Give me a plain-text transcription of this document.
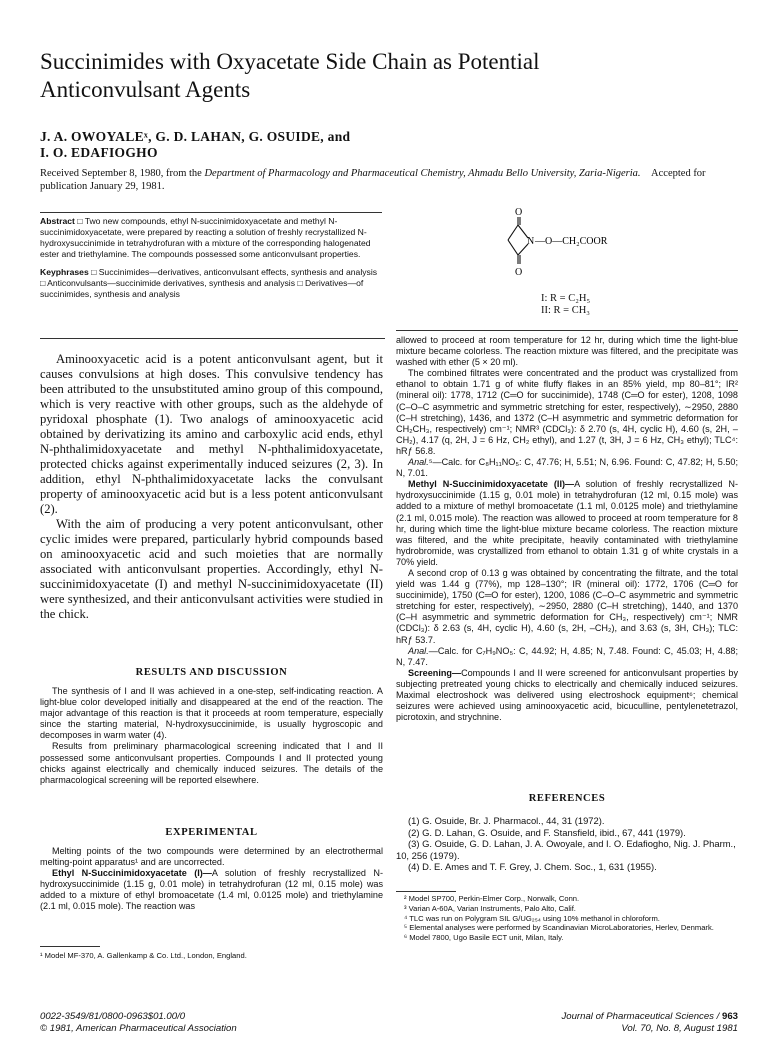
Succinimides with Oxyacetate Side Chain as Potential
Anticonvulsant Agents
J. A. OWOYALEˣ, G. D. LAHAN, G. OSUIDE, and
I. O. EDAFIOGHO
Received September 8, 1980, from the Department of Pharmacology and Pharmaceutical Chemistry, Ahmadu Bello University, Zaria-Nigeria. Accepted for publication January 29, 1981.

Abstract □ Two new compounds, ethyl N-succinimidoxyacetate and methyl N-succinimidoxyacetate, were prepared by reacting a solution of freshly recrystallized N-hydroxysuccinimide in tetrahydrofuran with a mixture of the corresponding halogenated ester and triethylamine. The compounds possessed some anticonvulsant properties.

Keyphrases □ Succinimides—derivatives, anticonvulsant effects, synthesis and analysis □ Anticonvulsants—succinimide derivatives, synthesis and analysis □ Derivatives—of succinimides, synthesis and analysis

O
O
N —O—CH₂COOR
I: R = C₂H₅
II: R = CH₃

Aminooxyacetic acid is a potent anticonvulsant agent, but it causes convulsions at high doses. This convulsive tendency has been attributed to the unsubstituted amino group of this compound, which is very reactive with other groups, such as the aldehyde of pyridoxal phosphate (1). Two analogs of aminooxyacetic acid obtained by derivatizing its amino and carboxylic acid ends, ethyl N-phthalimidoxyacetate and methyl N-phthalimidoxyacetate, protected chicks against experimentally induced seizures (2, 3). In addition, ethyl N-phthalimidoxyacetate lacks the convulsant property of aminooxyacetic acid but is a less potent anticonvulsant (2).

With the aim of producing a very potent anticonvulsant, other cyclic imides were prepared, particularly hybrid compounds based on aminooxyacetic acid and such moieties that are normally associated with anticonvulsant properties. Accordingly, ethyl N-succinimidoxyacetate (I) and methyl N-succinimidoxyacetate (II) were synthesized, and their anticonvulsant activities were studied in the chick.

RESULTS AND DISCUSSION

The synthesis of I and II was achieved in a one-step, self-indicating reaction. A light-blue color developed initially and disappeared at the end of the reaction. The major advantage of this reaction is that it proceeds at room temperature, especially since the starting material, N-hydroxysuccinimide, is usually hygroscopic and decomposes in warm water (4).

Results from preliminary pharmacological screening indicated that I and II possessed some anticonvulsant properties. Compounds I and II protected young chicks against electrically and chemically induced seizures. The details of the pharmacological screening will be reported elsewhere.

EXPERIMENTAL

Melting points of the two compounds were determined by an electrothermal melting-point apparatus¹ and are uncorrected.

Ethyl N-Succinimidoxyacetate (I)—A solution of freshly recrystallized N-hydroxysuccinimide (1.15 g, 0.01 mole) in tetrahydrofuran (12 ml, 0.15 mole) was added to a mixture of ethyl bromoacetate (1.4 ml, 0.0125 mole) and triethylamine (2.1 ml, 0.015 mole). The reaction was

allowed to proceed at room temperature for 12 hr, during which time the light-blue mixture became colorless. The reaction mixture was filtered, and the precipitate was washed with ether (5 × 20 ml).

The combined filtrates were concentrated and the product was crystallized from ethanol to obtain 1.71 g of white fluffy flakes in an 85% yield, mp 80–81°; IR² (mineral oil): 1778, 1712 (C═O for succinimide), 1748 (C═O for ester), 1208, 1098 (C–O–C asymmetric and symmetric stretching for ester, respectively), ∼2950, 2880 (C–H stretching), 1436, and 1372 (C–H asymmetric and symmetric deformation for CH₂CH₃, respectively) cm⁻¹; NMR³ (CDCl₃): δ 2.70 (s, 4H, cyclic H), 4.60 (s, 2H, –CH₂), 4.17 (q, 2H, J = 6 Hz, CH₂ ethyl), and 1.27 (t, 3H, J = 6 Hz, CH₃ ethyl); TLC⁴: hRƒ 56.8.

Anal.⁵—Calc. for C₈H₁₁NO₅: C, 47.76; H, 5.51; N, 6.96. Found: C, 47.82; H, 5.50; N, 7.01.

Methyl N-Succinimidoxyacetate (II)—A solution of freshly recrystallized N-hydroxysuccinimide (1.15 g, 0.01 mole) in tetrahydrofuran (12 ml, 0.15 mole) was added to a mixture of methyl bromoacetate (1.1 ml, 0.0125 mole) and triethylamine (2.1 ml, 0.015 mole). The reaction was allowed to proceed at room temperature for 8 hr, during which time the light-blue mixture became colorless. The reaction mixture was filtered, and the white precipitate, heavily contaminated with triethylamine hydrobromide, was crystallized from ethanol to obtain 1.31 g of white crystals in a 70% yield.

A second crop of 0.13 g was obtained by concentrating the filtrate, and the total yield was 1.44 g (77%), mp 128–130°; IR (mineral oil): 1772, 1706 (C═O for succinimide), 1750 (C═O for ester), 1200, 1086 (C–O–C asymmetric and symmetric stretching for ester, respectively), ∼2950, 2880 (C–H stretching), 1440, and 1370 (C–H asymmetric and symmetric deformation for CH₃, respectively) cm⁻¹; NMR (CDCl₃): δ 2.63 (s, 4H, cyclic H), 4.60 (s, 2H, –CH₂), and 3.63 (s, 3H, CH₃); TLC: hRƒ 53.7.

Anal.—Calc. for C₇H₉NO₅: C, 44.92; H, 4.85; N, 7.48. Found: C, 45.03; H, 4.88; N, 7.47.

Screening—Compounds I and II were screened for anticonvulsant properties by subjecting pretreated young chicks to electrically and chemically induced seizures. Maximal electroshock was delivered using electroshock equipment⁶; chemical seizures were achieved using aminooxyacetic acid, bicuculline, pentylenetetrazol, picrotoxin, and strychnine.

REFERENCES
(1) G. Osuide, Br. J. Pharmacol., 44, 31 (1972).
(2) G. D. Lahan, G. Osuide, and F. Stansfield, ibid., 67, 441 (1979).
(3) G. Osuide, G. D. Lahan, J. A. Owoyale, and I. O. Edafiogho, Nig. J. Pharm., 10, 256 (1979).
(4) D. E. Ames and T. F. Grey, J. Chem. Soc., 1, 631 (1955).
¹ Model MF-370, A. Gallenkamp & Co. Ltd., London, England.
² Model SP700, Perkin-Elmer Corp., Norwalk, Conn.
³ Varian A-60A, Varian Instruments, Palo Alto, Calif.
⁴ TLC was run on Polygram SIL G/UG₂₅₄ using 10% methanol in chloroform.
⁵ Elemental analyses were performed by Scandinavian MicroLaboratories, Herlev, Denmark.
⁶ Model 7800, Ugo Basile ECT unit, Milan, Italy.
0022-3549/81/0800-0963$01.00/0
© 1981, American Pharmaceutical Association
Journal of Pharmaceutical Sciences / 963
Vol. 70, No. 8, August 1981
